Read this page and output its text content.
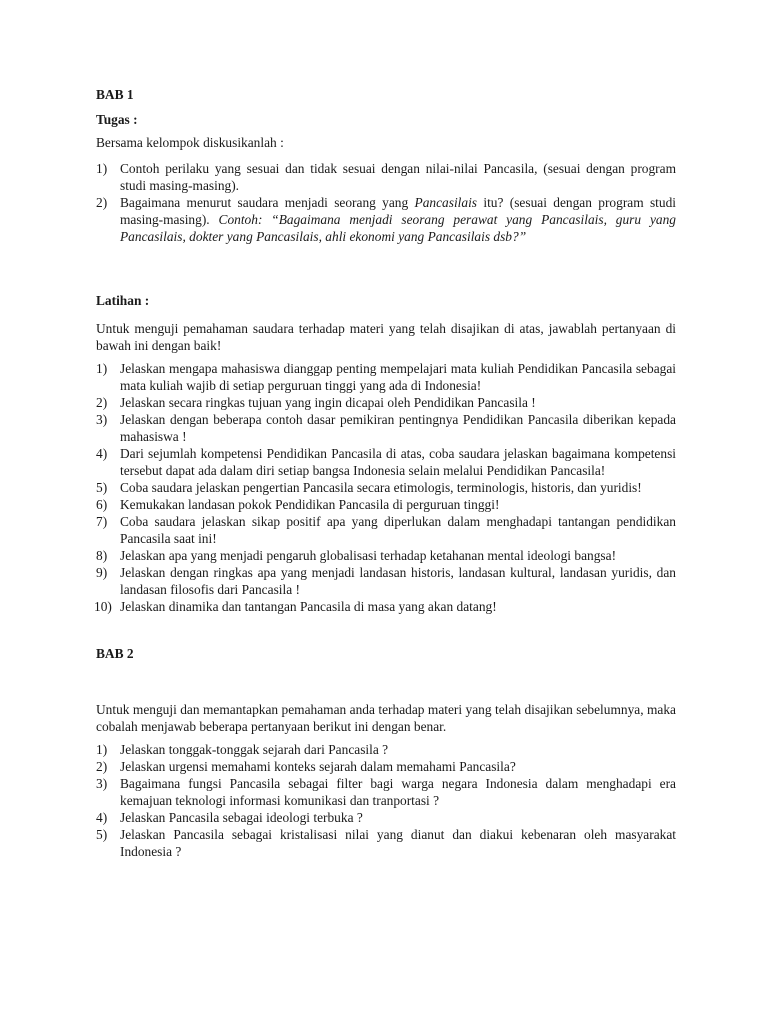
BAB 1

Tugas :

Bersama kelompok diskusikanlah :

1) Contoh perilaku yang sesuai dan tidak sesuai dengan nilai-nilai Pancasila, (sesuai dengan program studi masing-masing).
2) Bagaimana menurut saudara menjadi seorang yang Pancasilais itu? (sesuai dengan program studi masing-masing). Contoh: “Bagaimana menjadi seorang perawat yang Pancasilais, guru yang Pancasilais, dokter yang Pancasilais, ahli ekonomi yang Pancasilais dsb?”

Latihan :

Untuk menguji pemahaman saudara terhadap materi yang telah disajikan di atas, jawablah pertanyaan di bawah ini dengan baik!

1) Jelaskan mengapa mahasiswa dianggap penting mempelajari mata kuliah Pendidikan Pancasila sebagai mata kuliah wajib di setiap perguruan tinggi yang ada di Indonesia!
2) Jelaskan secara ringkas tujuan yang ingin dicapai oleh Pendidikan Pancasila !
3) Jelaskan dengan beberapa contoh dasar pemikiran pentingnya Pendidikan Pancasila diberikan kepada mahasiswa !
4) Dari sejumlah kompetensi Pendidikan Pancasila di atas, coba saudara jelaskan bagaimana kompetensi tersebut dapat ada dalam diri setiap bangsa Indonesia selain melalui Pendidikan Pancasila!
5) Coba saudara jelaskan pengertian Pancasila secara etimologis, terminologis, historis, dan yuridis!
6) Kemukakan landasan pokok Pendidikan Pancasila di perguruan tinggi!
7) Coba saudara jelaskan sikap positif apa yang diperlukan dalam menghadapi tantangan pendidikan Pancasila saat ini!
8) Jelaskan apa yang menjadi pengaruh globalisasi terhadap ketahanan mental ideologi bangsa!
9) Jelaskan dengan ringkas apa yang menjadi landasan historis, landasan kultural, landasan yuridis, dan landasan filosofis dari Pancasila !
10) Jelaskan dinamika dan tantangan Pancasila di masa yang akan datang!

BAB 2

Untuk menguji dan memantapkan pemahaman anda terhadap materi yang telah disajikan sebelumnya, maka cobalah menjawab beberapa pertanyaan berikut ini dengan benar.

1) Jelaskan tonggak-tonggak sejarah dari Pancasila ?
2) Jelaskan urgensi memahami konteks sejarah dalam memahami Pancasila?
3) Bagaimana fungsi Pancasila sebagai filter bagi warga negara Indonesia dalam menghadapi era kemajuan teknologi informasi komunikasi dan tranportasi ?
4) Jelaskan Pancasila sebagai ideologi terbuka ?
5) Jelaskan Pancasila sebagai kristalisasi nilai yang dianut dan diakui kebenaran oleh masyarakat Indonesia ?
